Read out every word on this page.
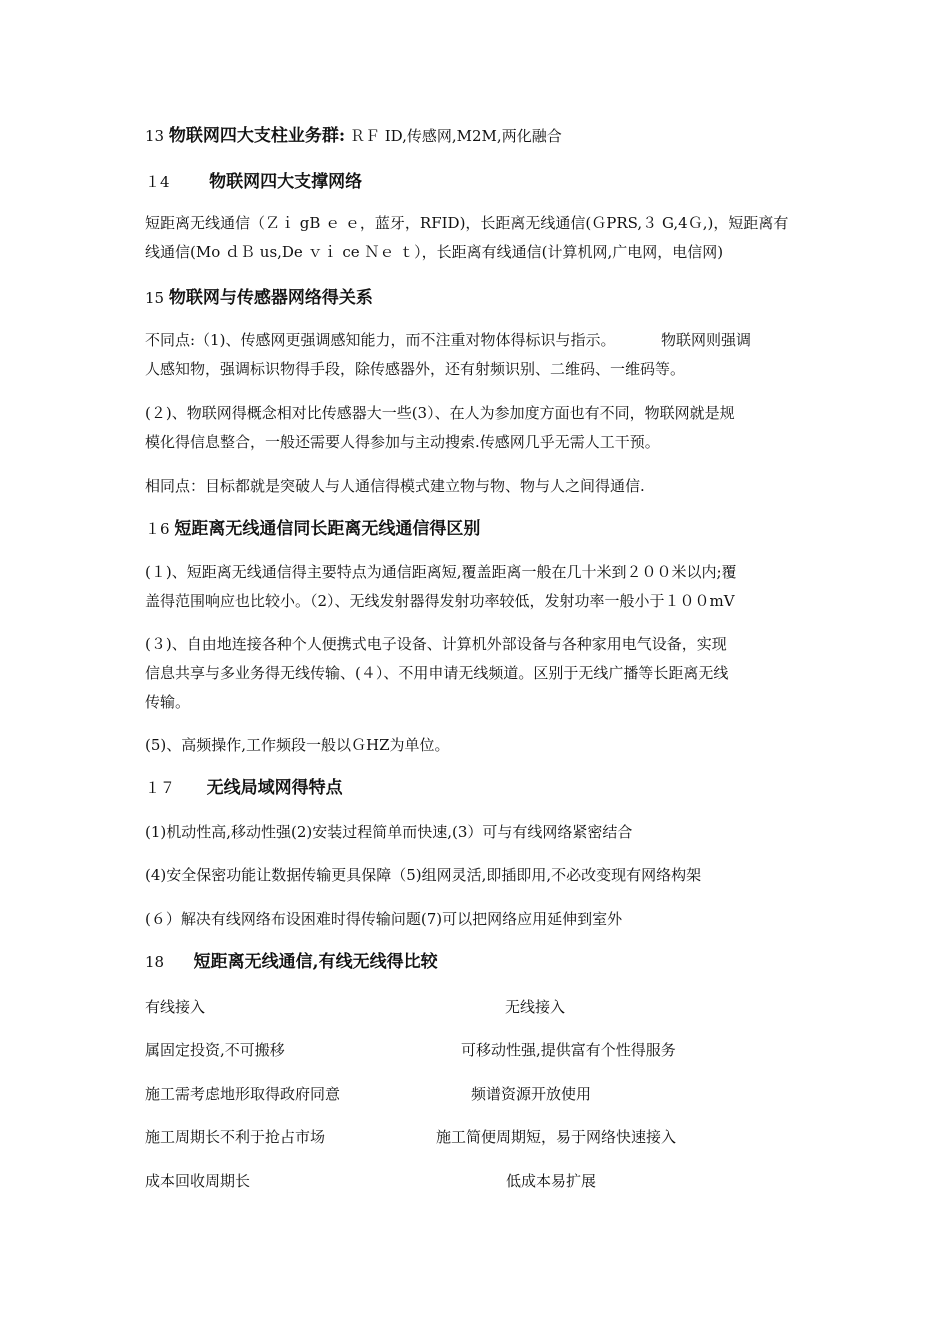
13 物联网四大支柱业务群: ＲＦ ID,传感网,M2M,两化融合
１4 物联网四大支撑网络
短距离无线通信（Ｚｉ gB ｅ ｅ，蓝牙，RFID)，长距离无线通信(ＧPRS,３ G,4Ｇ,)，短距离有
线通信(Mo ｄＢ us,De ｖｉ ce Ｎｅ ｔ），长距离有线通信(计算机网,广电网，电信网)
15 物联网与传感器网络得关系
不同点:（1)、传感网更强调感知能力，而不注重对物体得标识与指示。	物联网则强调
人感知物，强调标识物得手段，除传感器外，还有射频识别、二维码、一维码等。
(２)、物联网得概念相对比传感器大一些(3）、在人为参加度方面也有不同，物联网就是规
模化得信息整合，一般还需要人得参加与主动搜索.传感网几乎无需人工干预。
相同点：目标都就是突破人与人通信得模式建立物与物、物与人之间得通信.
１6 短距离无线通信同长距离无线通信得区别
(１)、短距离无线通信得主要特点为通信距离短,覆盖距离一般在几十米到２００米以内;覆
盖得范围响应也比较小。（2）、无线发射器得发射功率较低，发射功率一般小于１００mV
(３)、自由地连接各种个人便携式电子设备、计算机外部设备与各种家用电气设备，实现
信息共享与多业务得无线传输、(４）、不用申请无线频道。区别于无线广播等长距离无线
传输。
(5)、高频操作,工作频段一般以ＧHZ为单位。
１７ 无线局域网得特点
(1)机动性高,移动性强(2)安装过程简单而快速,(3）可与有线网络紧密结合
(4)安全保密功能让数据传输更具保障（5)组网灵活,即插即用,不必改变现有网络构架
(６）解决有线网络布设困难时得传输问题(7)可以把网络应用延伸到室外
18 短距离无线通信,有线无线得比较
有线接入	无线接入
属固定投资,不可搬移	可移动性强,提供富有个性得服务
施工需考虑地形取得政府同意	频谱资源开放使用
施工周期长不利于抢占市场	施工简便周期短，易于网络快速接入
成本回收周期长	低成本易扩展
